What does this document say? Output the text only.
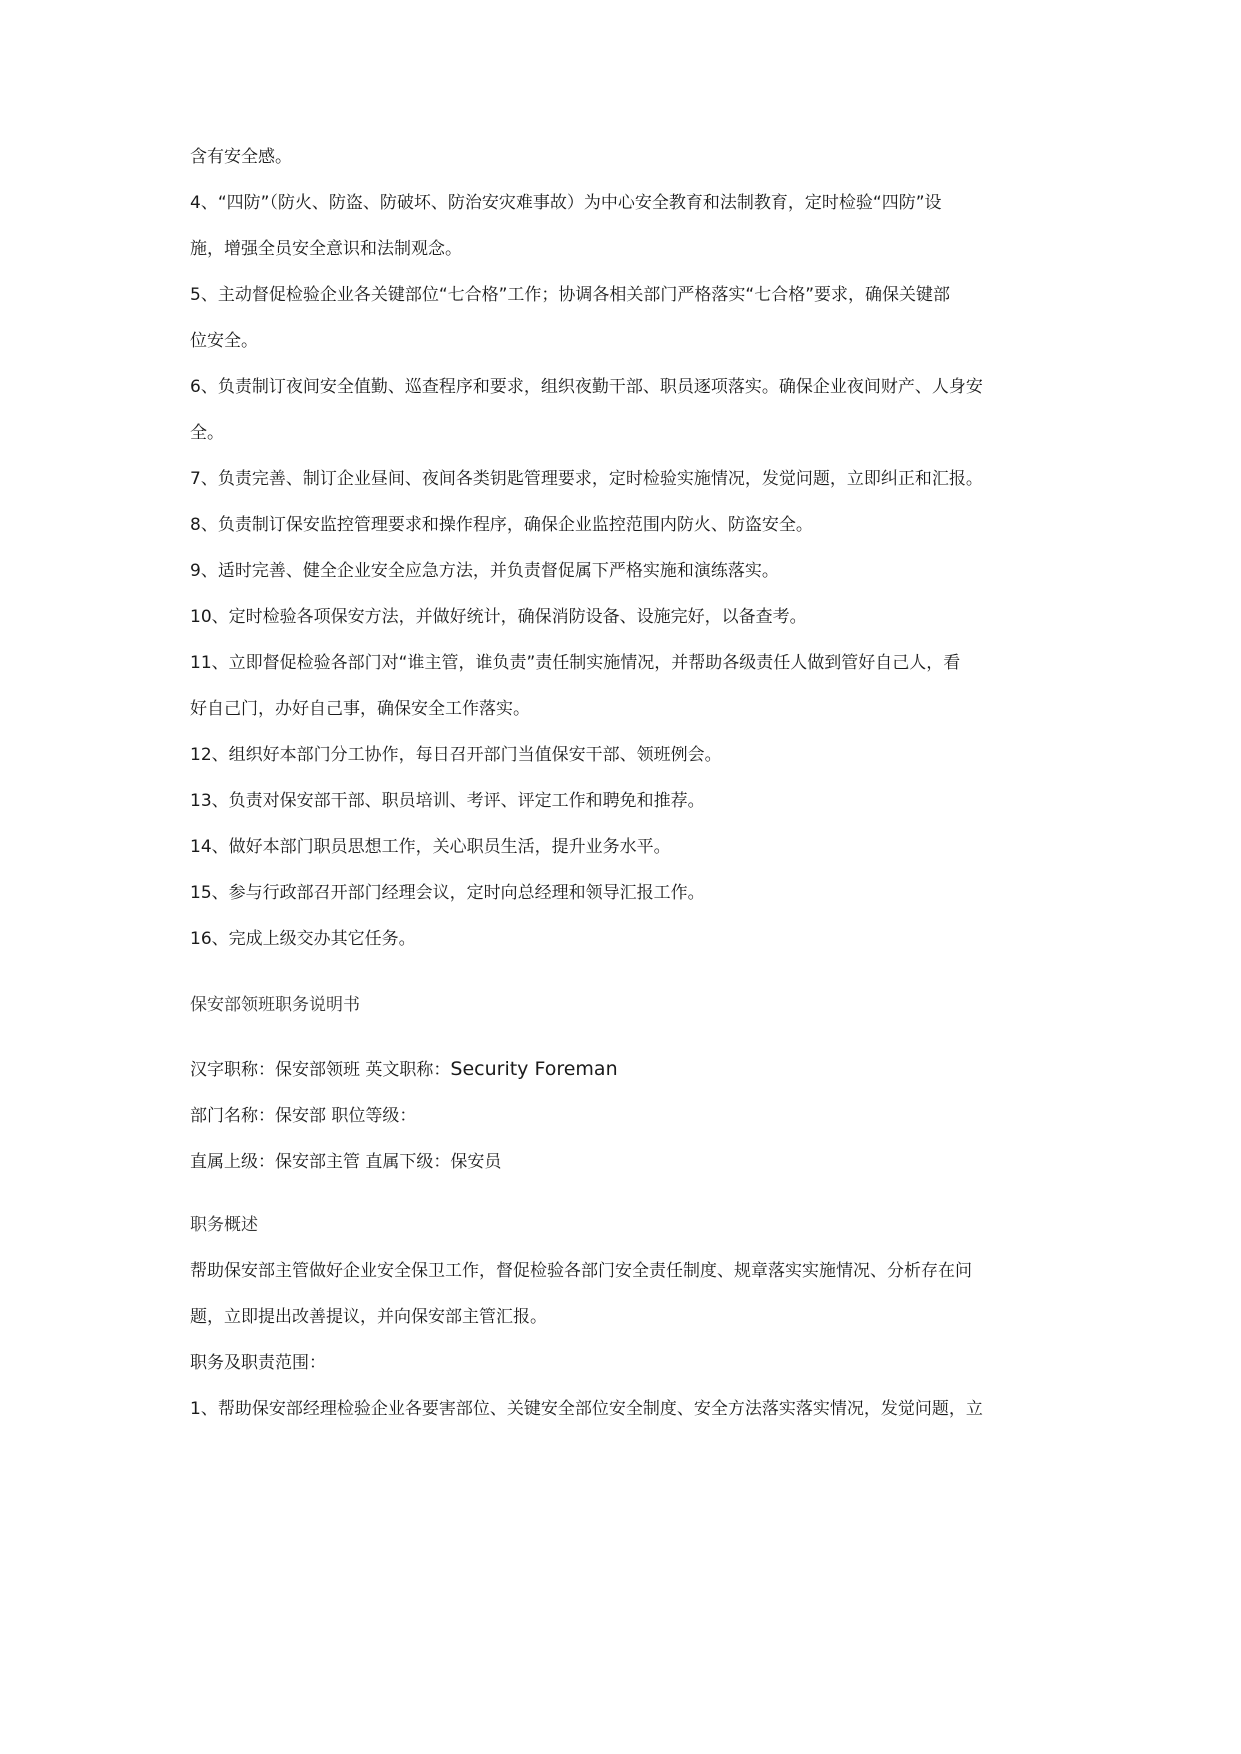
含有安全感。
4、“四防”（防火、防盗、防破坏、防治安灾难事故）为中心安全教育和法制教育，定时检验“四防”设
施，增强全员安全意识和法制观念。
5、主动督促检验企业各关键部位“七合格”工作；协调各相关部门严格落实“七合格”要求，确保关键部
位安全。
6、负责制订夜间安全值勤、巡查程序和要求，组织夜勤干部、职员逐项落实。确保企业夜间财产、人身安
全。
7、负责完善、制订企业昼间、夜间各类钥匙管理要求，定时检验实施情况，发觉问题，立即纠正和汇报。
8、负责制订保安监控管理要求和操作程序，确保企业监控范围内防火、防盗安全。
9、适时完善、健全企业安全应急方法，并负责督促属下严格实施和演练落实。
10、定时检验各项保安方法，并做好统计，确保消防设备、设施完好，以备查考。
11、立即督促检验各部门对“谁主管，谁负责”责任制实施情况，并帮助各级责任人做到管好自己人，看
好自己门，办好自己事，确保安全工作落实。
12、组织好本部门分工协作，每日召开部门当值保安干部、领班例会。
13、负责对保安部干部、职员培训、考评、评定工作和聘免和推荐。
14、做好本部门职员思想工作，关心职员生活，提升业务水平。
15、参与行政部召开部门经理会议，定时向总经理和领导汇报工作。
16、完成上级交办其它任务。
保安部领班职务说明书
汉字职称：保安部领班 英文职称：Security Foreman
部门名称：保安部 职位等级：
直属上级：保安部主管 直属下级：保安员
职务概述
帮助保安部主管做好企业安全保卫工作，督促检验各部门安全责任制度、规章落实实施情况、分析存在问
题，立即提出改善提议，并向保安部主管汇报。
职务及职责范围：
1、帮助保安部经理检验企业各要害部位、关键安全部位安全制度、安全方法落实落实情况，发觉问题，立
